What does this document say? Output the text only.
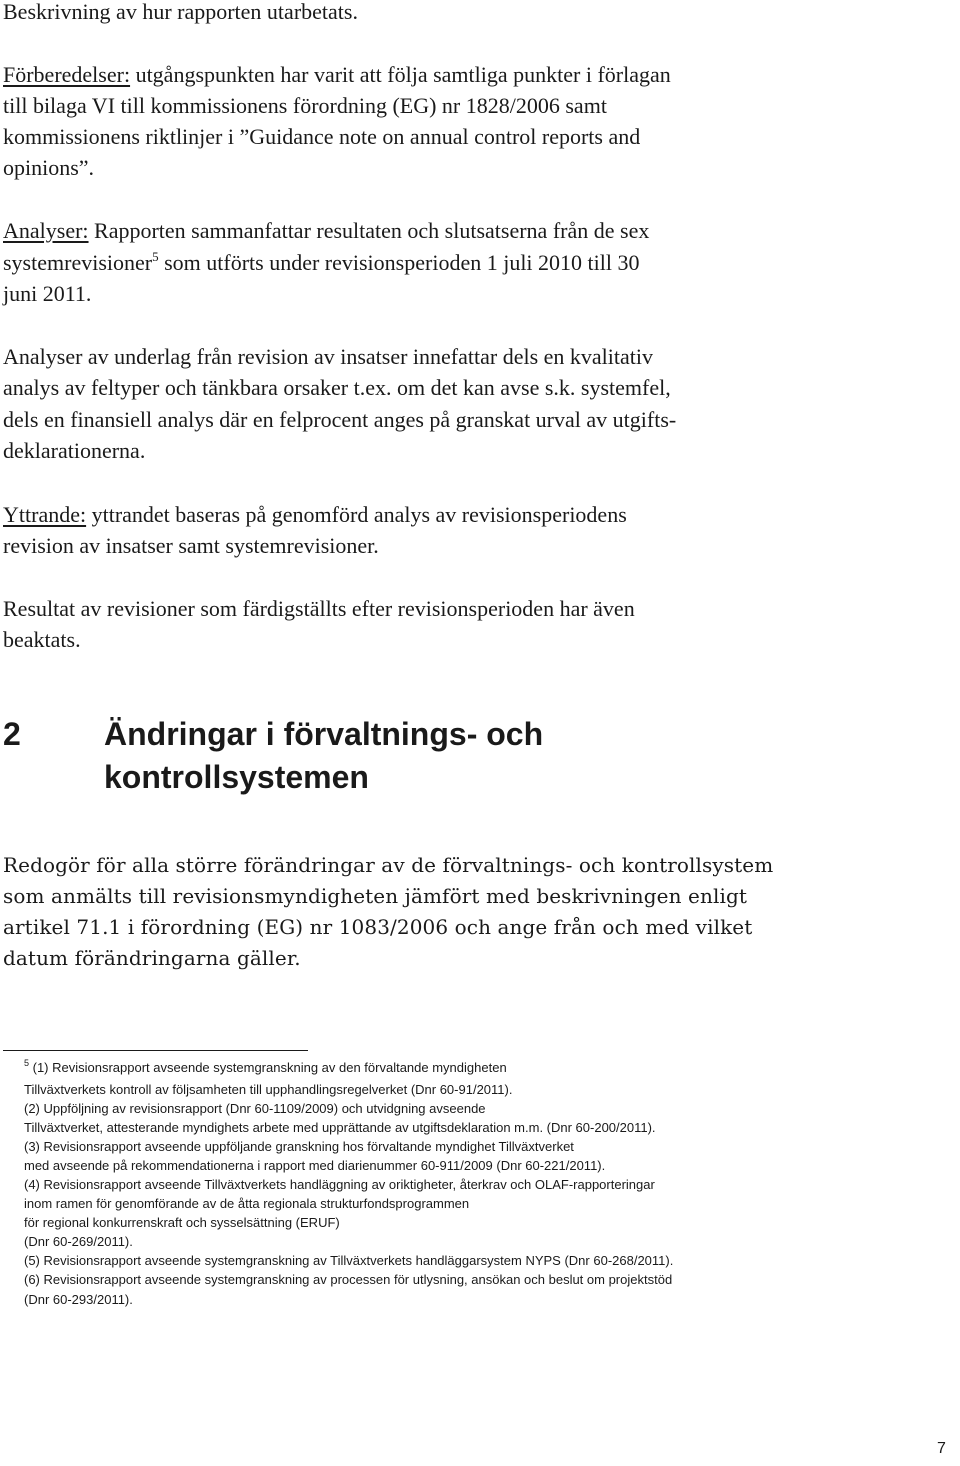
Beskrivning av hur rapporten utarbetats.
Förberedelser: utgångspunkten har varit att följa samtliga punkter i förlagan
till bilaga VI till kommissionens förordning (EG) nr 1828/2006 samt
kommissionens riktlinjer i ”Guidance note on annual control reports and
opinions”.
Analyser: Rapporten sammanfattar resultaten och slutsatserna från de sex
systemrevisioner$^5$ som utförts under revisionsperioden 1 juli 2010 till 30
juni 2011.
Analyser av underlag från revision av insatser innefattar dels en kvalitativ
analys av feltyper och tänkbara orsaker t.ex. om det kan avse s.k. systemfel,
dels en finansiell analys där en felprocent anges på granskat urval av utgifts-
deklarationerna.
Yttrande: yttrandet baseras på genomförd analys av revisionsperiodens
revision av insatser samt systemrevisioner.
Resultat av revisioner som färdigställts efter revisionsperioden har även
beaktats.
2	Ändringar i förvaltnings- och
kontrollsystemen
Redogör för alla större förändringar av de förvaltnings- och kontrollsystem
som anmälts till revisionsmyndigheten jämfört med beskrivningen enligt
artikel 71.1 i förordning (EG) nr 1083/2006 och ange från och med vilket
datum förändringarna gäller.
$^5$ (1) Revisionsrapport avseende systemgranskning av den förvaltande myndigheten
Tillväxtverkets kontroll av följsamheten till upphandlingsregelverket (Dnr 60-91/2011).
(2) Uppföljning av revisionsrapport (Dnr 60-1109/2009) och utvidgning avseende
Tillväxtverket, attesterande myndighets arbete med upprättande av utgiftsdeklaration m.m. (Dnr 60-200/2011).
(3) Revisionsrapport avseende uppföljande granskning hos förvaltande myndighet Tillväxtverket
med avseende på rekommendationerna i rapport med diarienummer 60-911/2009 (Dnr 60-221/2011).
(4) Revisionsrapport avseende Tillväxtverkets handläggning av oriktigheter, återkrav och OLAF-rapporteringar
inom ramen för genomförande av de åtta regionala strukturfondsprogrammen
för regional konkurrenskraft och sysselsättning (ERUF)
(Dnr 60-269/2011).
(5) Revisionsrapport avseende systemgranskning av Tillväxtverkets handläggarsystem NYPS (Dnr 60-268/2011).
(6) Revisionsrapport avseende systemgranskning av processen för utlysning, ansökan och beslut om projektstöd
(Dnr 60-293/2011).
7
